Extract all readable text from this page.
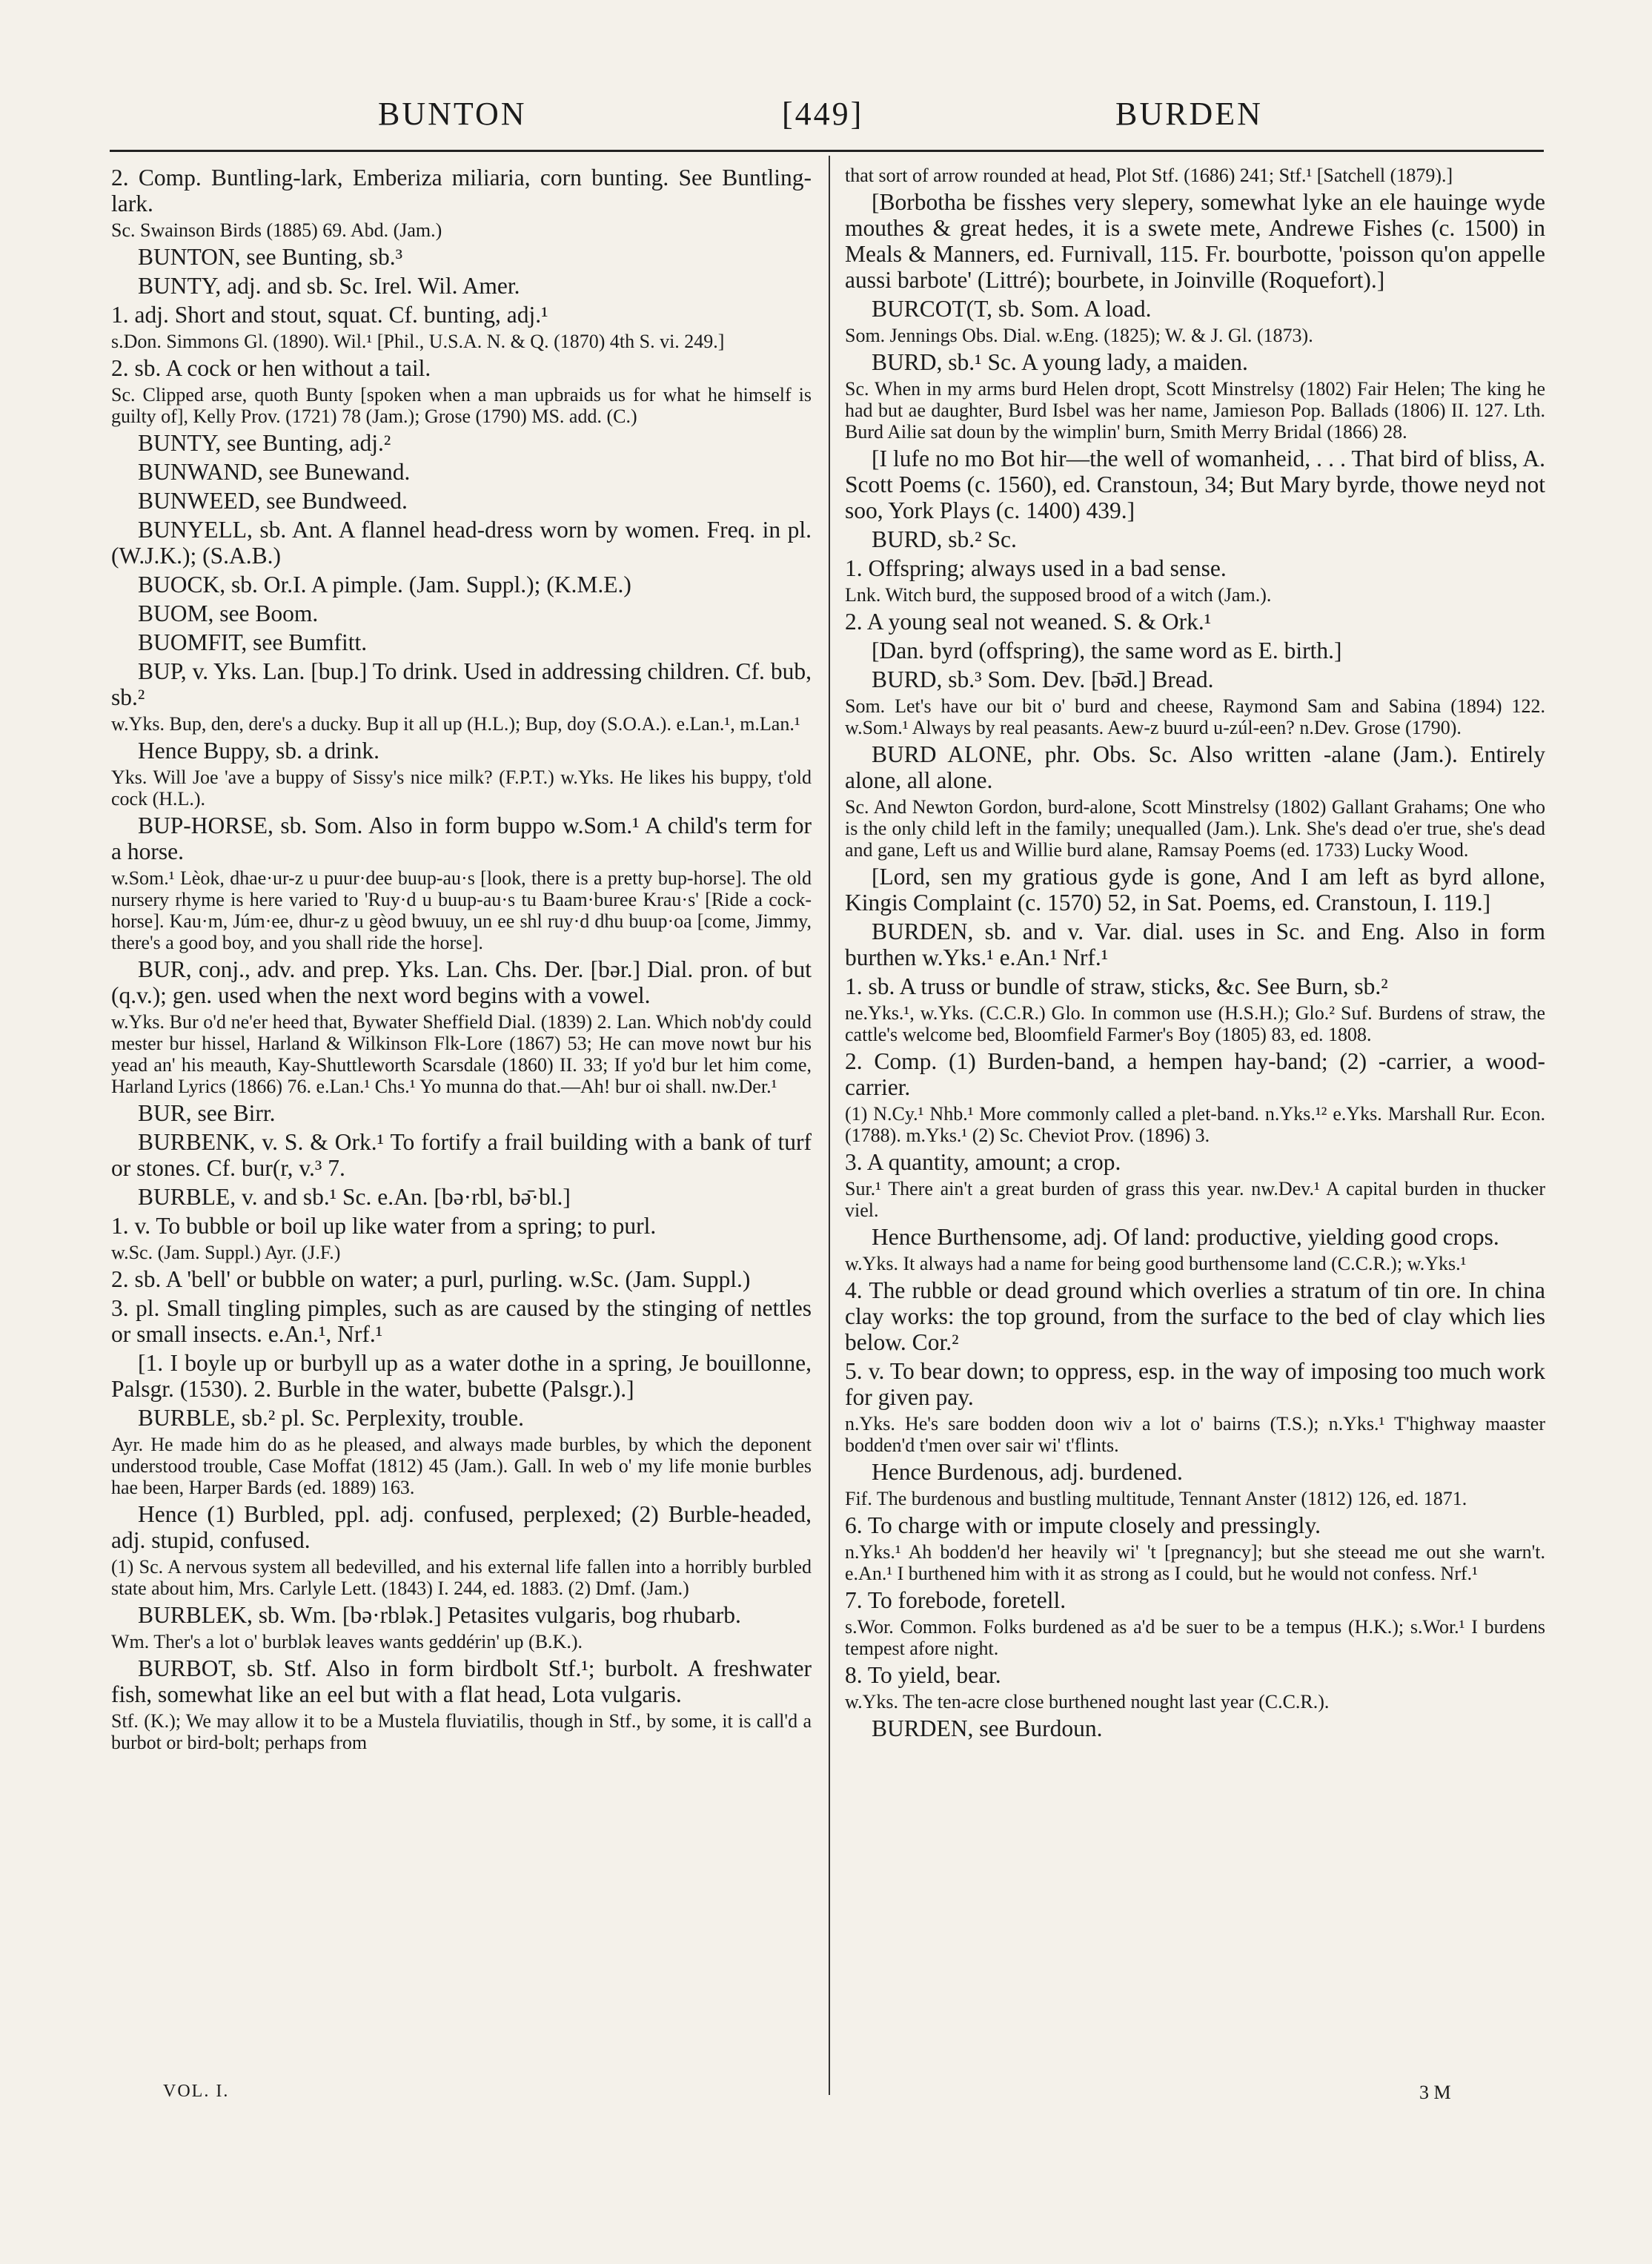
BUNTON	[449]	BURDEN

2. Comp. Buntling-lark, Emberiza miliaria, corn bunting. See Buntling-lark.

Sc. Swainson Birds (1885) 69. Abd. (Jam.)

BUNTON, see Bunting, sb.³

BUNTY, adj. and sb. Sc. Irel. Wil. Amer.

1. adj. Short and stout, squat. Cf. bunting, adj.¹

s.Don. Simmons Gl. (1890). Wil.¹ [Phil., U.S.A. N. & Q. (1870) 4th S. vi. 249.]

2. sb. A cock or hen without a tail.

Sc. Clipped arse, quoth Bunty [spoken when a man upbraids us for what he himself is guilty of], Kelly Prov. (1721) 78 (Jam.); Grose (1790) MS. add. (C.)

BUNTY, see Bunting, adj.²

BUNWAND, see Bunewand.

BUNWEED, see Bundweed.

BUNYELL, sb. Ant. A flannel head-dress worn by women. Freq. in pl. (W.J.K.); (S.A.B.)

BUOCK, sb. Or.I. A pimple. (Jam. Suppl.); (K.M.E.)

BUOM, see Boom.

BUOMFIT, see Bumfitt.

BUP, v. Yks. Lan. [bup.] To drink. Used in addressing children. Cf. bub, sb.²

w.Yks. Bup, den, dere's a ducky. Bup it all up (H.L.); Bup, doy (S.O.A.). e.Lan.¹, m.Lan.¹

Hence Buppy, sb. a drink.

Yks. Will Joe 'ave a buppy of Sissy's nice milk? (F.P.T.) w.Yks. He likes his buppy, t'old cock (H.L.).

BUP-HORSE, sb. Som. Also in form buppo w.Som.¹ A child's term for a horse.

w.Som.¹ Lèok, dhae·ur-z u puur·dee buup-au·s [look, there is a pretty bup-horse]. The old nursery rhyme is here varied to 'Ruy·d u buup-au·s tu Baam·buree Krau·s' [Ride a cock-horse]. Kau·m, Júm·ee, dhur-z u gèod bwuuy, un ee shl ruy·d dhu buup·oa [come, Jimmy, there's a good boy, and you shall ride the horse].

BUR, conj., adv. and prep. Yks. Lan. Chs. Der. [bər.] Dial. pron. of but (q.v.); gen. used when the next word begins with a vowel.

w.Yks. Bur o'd ne'er heed that, Bywater Sheffield Dial. (1839) 2. Lan. Which nob'dy could mester bur hissel, Harland & Wilkinson Flk-Lore (1867) 53; He can move nowt bur his yead an' his meauth, Kay-Shuttleworth Scarsdale (1860) II. 33; If yo'd bur let him come, Harland Lyrics (1866) 76. e.Lan.¹ Chs.¹ Yo munna do that.—Ah! bur oi shall. nw.Der.¹

BUR, see Birr.

BURBENK, v. S. & Ork.¹ To fortify a frail building with a bank of turf or stones. Cf. bur(r, v.³ 7.

BURBLE, v. and sb.¹ Sc. e.An. [bə·rbl, bə̄·bl.]

1. v. To bubble or boil up like water from a spring; to purl.

w.Sc. (Jam. Suppl.) Ayr. (J.F.)

2. sb. A 'bell' or bubble on water; a purl, purling. w.Sc. (Jam. Suppl.)

3. pl. Small tingling pimples, such as are caused by the stinging of nettles or small insects. e.An.¹, Nrf.¹

[1. I boyle up or burbyll up as a water dothe in a spring, Je bouillonne, Palsgr. (1530). 2. Burble in the water, bubette (Palsgr.).]

BURBLE, sb.² pl. Sc. Perplexity, trouble.

Ayr. He made him do as he pleased, and always made burbles, by which the deponent understood trouble, Case Moffat (1812) 45 (Jam.). Gall. In web o' my life monie burbles hae been, Harper Bards (ed. 1889) 163.

Hence (1) Burbled, ppl. adj. confused, perplexed; (2) Burble-headed, adj. stupid, confused.

(1) Sc. A nervous system all bedevilled, and his external life fallen into a horribly burbled state about him, Mrs. Carlyle Lett. (1843) I. 244, ed. 1883. (2) Dmf. (Jam.)

BURBLEK, sb. Wm. [bə·rblək.] Petasites vulgaris, bog rhubarb.

Wm. Ther's a lot o' burblək leaves wants geddérin' up (B.K.).

BURBOT, sb. Stf. Also in form birdbolt Stf.¹; burbolt. A freshwater fish, somewhat like an eel but with a flat head, Lota vulgaris.

Stf. (K.); We may allow it to be a Mustela fluviatilis, though in Stf., by some, it is call'd a burbot or bird-bolt; perhaps from

that sort of arrow rounded at head, Plot Stf. (1686) 241; Stf.¹ [Satchell (1879).]

[Borbotha be fisshes very slepery, somewhat lyke an ele hauinge wyde mouthes & great hedes, it is a swete mete, Andrewe Fishes (c. 1500) in Meals & Manners, ed. Furnivall, 115. Fr. bourbotte, 'poisson qu'on appelle aussi barbote' (Littré); bourbete, in Joinville (Roquefort).]

BURCOT(T, sb. Som. A load.

Som. Jennings Obs. Dial. w.Eng. (1825); W. & J. Gl. (1873).

BURD, sb.¹ Sc. A young lady, a maiden.

Sc. When in my arms burd Helen dropt, Scott Minstrelsy (1802) Fair Helen; The king he had but ae daughter, Burd Isbel was her name, Jamieson Pop. Ballads (1806) II. 127. Lth. Burd Ailie sat doun by the wimplin' burn, Smith Merry Bridal (1866) 28.

[I lufe no mo Bot hir—the well of womanheid, . . . That bird of bliss, A. Scott Poems (c. 1560), ed. Cranstoun, 34; But Mary byrde, thowe neyd not soo, York Plays (c. 1400) 439.]

BURD, sb.² Sc.

1. Offspring; always used in a bad sense.

Lnk. Witch burd, the supposed brood of a witch (Jam.).

2. A young seal not weaned. S. & Ork.¹

[Dan. byrd (offspring), the same word as E. birth.]

BURD, sb.³ Som. Dev. [bə̄d.] Bread.

Som. Let's have our bit o' burd and cheese, Raymond Sam and Sabina (1894) 122. w.Som.¹ Always by real peasants. Aew-z buurd u-zúl-een? n.Dev. Grose (1790).

BURD ALONE, phr. Obs. Sc. Also written -alane (Jam.). Entirely alone, all alone.

Sc. And Newton Gordon, burd-alone, Scott Minstrelsy (1802) Gallant Grahams; One who is the only child left in the family; unequalled (Jam.). Lnk. She's dead o'er true, she's dead and gane, Left us and Willie burd alane, Ramsay Poems (ed. 1733) Lucky Wood.

[Lord, sen my gratious gyde is gone, And I am left as byrd allone, Kingis Complaint (c. 1570) 52, in Sat. Poems, ed. Cranstoun, I. 119.]

BURDEN, sb. and v. Var. dial. uses in Sc. and Eng. Also in form burthen w.Yks.¹ e.An.¹ Nrf.¹

1. sb. A truss or bundle of straw, sticks, &c. See Burn, sb.²

ne.Yks.¹, w.Yks. (C.C.R.) Glo. In common use (H.S.H.); Glo.² Suf. Burdens of straw, the cattle's welcome bed, Bloomfield Farmer's Boy (1805) 83, ed. 1808.

2. Comp. (1) Burden-band, a hempen hay-band; (2) -carrier, a wood-carrier.

(1) N.Cy.¹ Nhb.¹ More commonly called a plet-band. n.Yks.¹² e.Yks. Marshall Rur. Econ. (1788). m.Yks.¹ (2) Sc. Cheviot Prov. (1896) 3.

3. A quantity, amount; a crop.

Sur.¹ There ain't a great burden of grass this year. nw.Dev.¹ A capital burden in thucker viel.

Hence Burthensome, adj. Of land: productive, yielding good crops.

w.Yks. It always had a name for being good burthensome land (C.C.R.); w.Yks.¹

4. The rubble or dead ground which overlies a stratum of tin ore. In china clay works: the top ground, from the surface to the bed of clay which lies below. Cor.²

5. v. To bear down; to oppress, esp. in the way of imposing too much work for given pay.

n.Yks. He's sare bodden doon wiv a lot o' bairns (T.S.); n.Yks.¹ T'highway maaster bodden'd t'men over sair wi' t'flints.

Hence Burdenous, adj. burdened.

Fif. The burdenous and bustling multitude, Tennant Anster (1812) 126, ed. 1871.

6. To charge with or impute closely and pressingly.

n.Yks.¹ Ah bodden'd her heavily wi' 't [pregnancy]; but she steead me out she warn't. e.An.¹ I burthened him with it as strong as I could, but he would not confess. Nrf.¹

7. To forebode, foretell.

s.Wor. Common. Folks burdened as a'd be suer to be a tempus (H.K.); s.Wor.¹ I burdens tempest afore night.

8. To yield, bear.

w.Yks. The ten-acre close burthened nought last year (C.C.R.).

BURDEN, see Burdoun.

VOL. I.	3 M
